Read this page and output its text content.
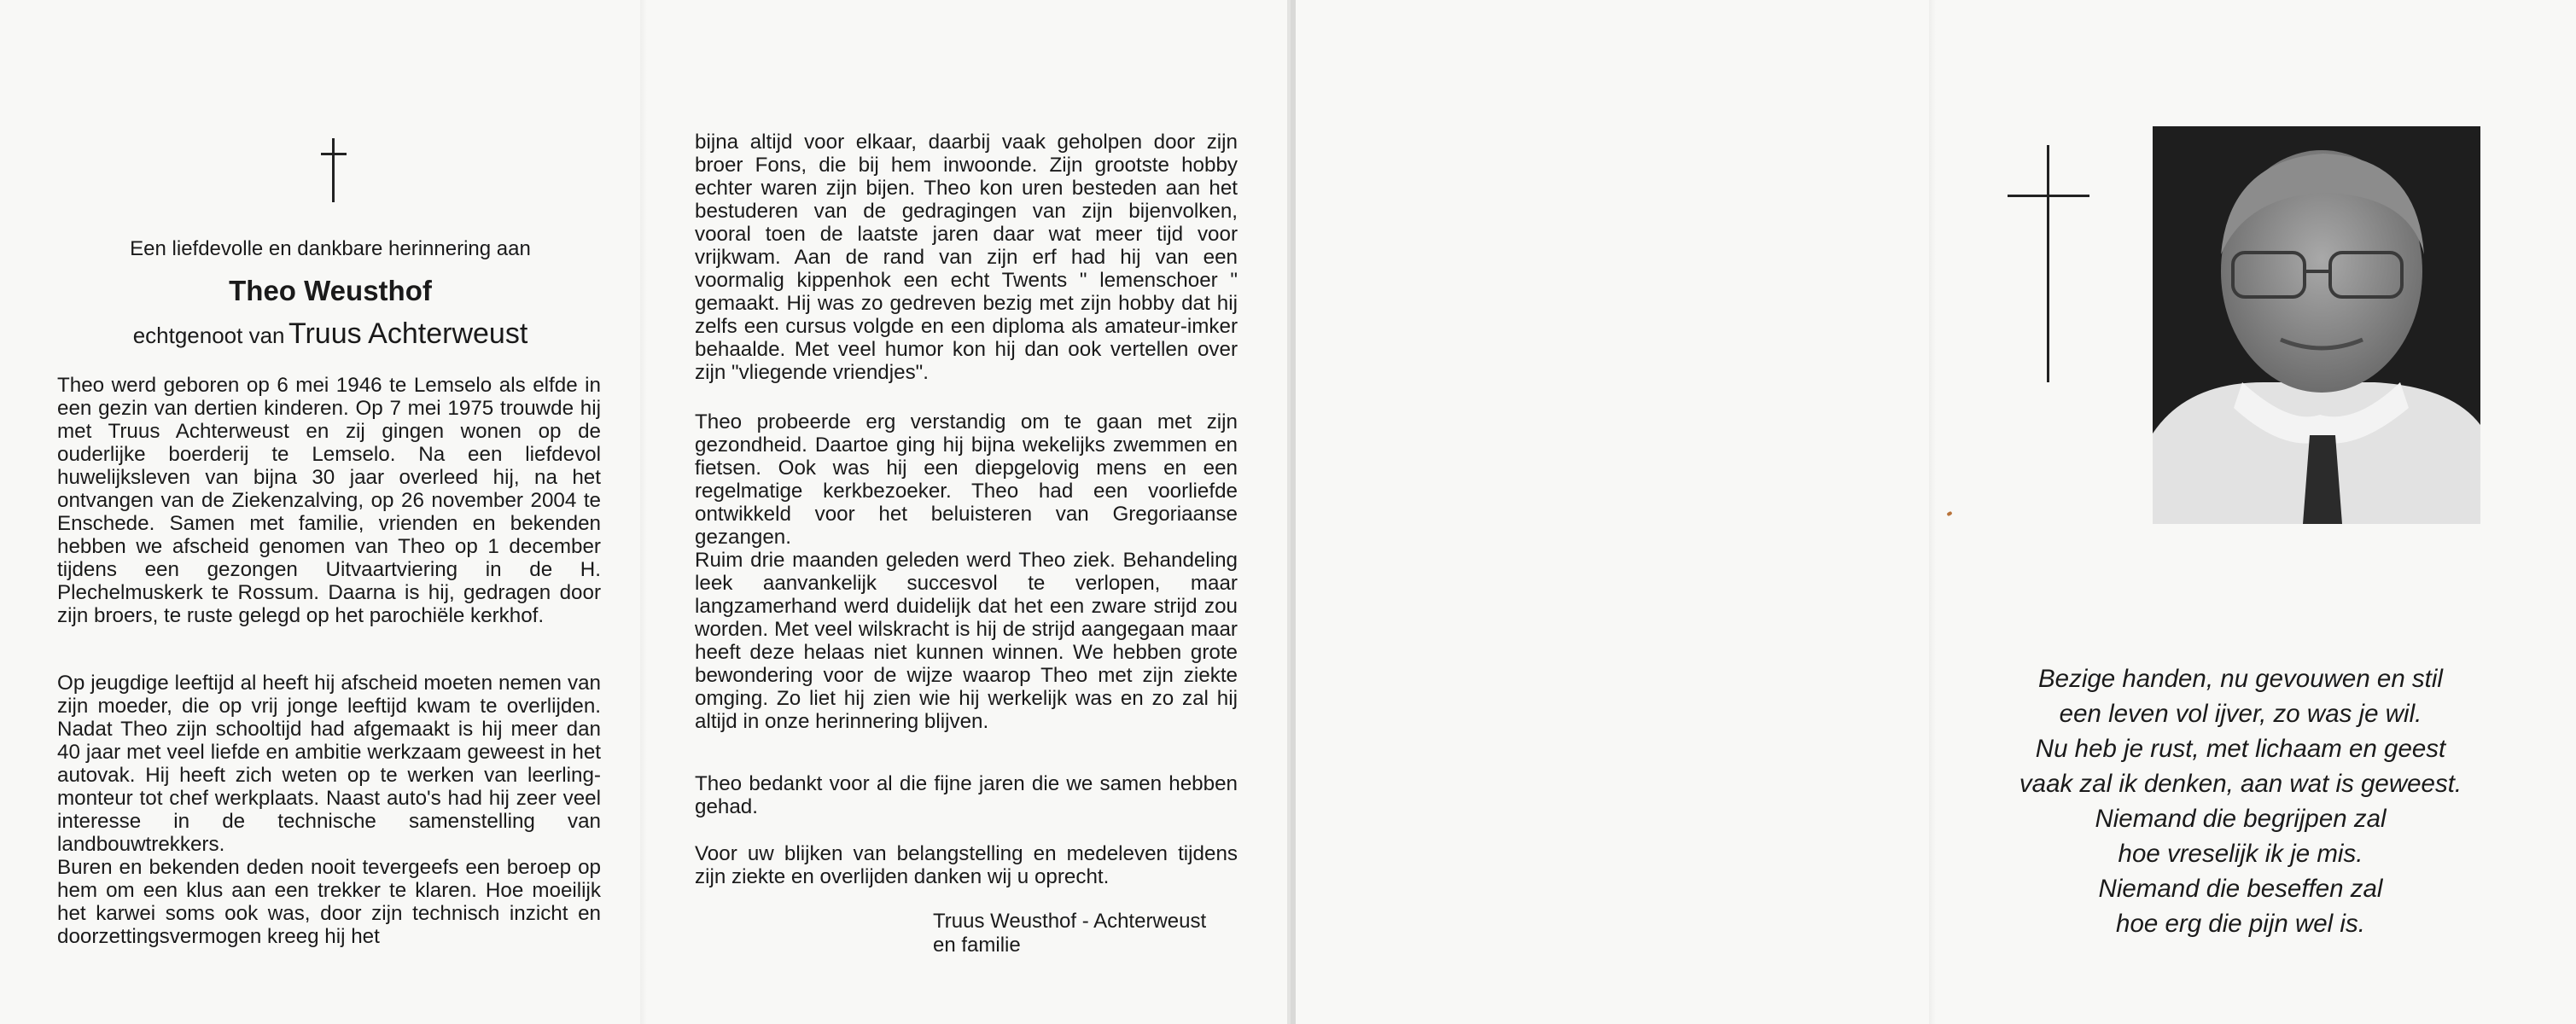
Een liefdevolle en dankbare herinnering aan
Theo Weusthof
echtgenoot van Truus Achterweust
Theo werd geboren op 6 mei 1946 te Lemselo als elfde in een gezin van dertien kinderen. Op 7 mei 1975 trouwde hij met Truus Achterweust en zij gingen wonen op de ouderlijke boerderij te Lemselo. Na een liefdevol huwelijksleven van bijna 30 jaar overleed hij, na het ontvangen van de Ziekenzalving, op 26 november 2004 te Enschede. Samen met familie, vrienden en bekenden hebben we afscheid genomen van Theo op 1 december tijdens een gezongen Uitvaartviering in de H. Plechelmuskerk te Rossum. Daarna is hij, gedragen door zijn broers, te ruste gelegd op het parochiële kerkhof.
Op jeugdige leeftijd al heeft hij afscheid moeten nemen van zijn moeder, die op vrij jonge leeftijd kwam te overlijden. Nadat Theo zijn schooltijd had afgemaakt is hij meer dan 40 jaar met veel liefde en ambitie werkzaam geweest in het autovak. Hij heeft zich weten op te werken van leerling-monteur tot chef werkplaats. Naast auto's had hij zeer veel interesse in de technische samenstelling van landbouwtrekkers.
Buren en bekenden deden nooit tevergeefs een beroep op hem om een klus aan een trekker te klaren. Hoe moeilijk het karwei soms ook was, door zijn technisch inzicht en doorzettingsvermogen kreeg hij het
bijna altijd voor elkaar, daarbij vaak geholpen door zijn broer Fons, die bij hem inwoonde. Zijn grootste hobby echter waren zijn bijen. Theo kon uren besteden aan het bestuderen van de gedragingen van zijn bijenvolken, vooral toen de laatste jaren daar wat meer tijd voor vrijkwam. Aan de rand van zijn erf had hij van een voormalig kippenhok een echt Twents " lemenschoer " gemaakt. Hij was zo gedreven bezig met zijn hobby dat hij zelfs een cursus volgde en een diploma als amateur-imker behaalde. Met veel humor kon hij dan ook vertellen over zijn "vliegende vriendjes".
Theo probeerde erg verstandig om te gaan met zijn gezondheid. Daartoe ging hij bijna wekelijks zwemmen en fietsen. Ook was hij een diepgelovig mens en een regelmatige kerkbezoeker. Theo had een voorliefde ontwikkeld voor het beluisteren van Gregoriaanse gezangen.
Ruim drie maanden geleden werd Theo ziek. Behandeling leek aanvankelijk succesvol te verlopen, maar langzamerhand werd duidelijk dat het een zware strijd zou worden. Met veel wilskracht is hij de strijd aangegaan maar heeft deze helaas niet kunnen winnen. We hebben grote bewondering voor de wijze waarop Theo met zijn ziekte omging. Zo liet hij zien wie hij werkelijk was en zo zal hij altijd in onze herinnering blijven.
Theo bedankt voor al die fijne jaren die we samen hebben gehad.
Voor uw blijken van belangstelling en medeleven tijdens zijn ziekte en overlijden danken wij u oprecht.
Truus Weusthof - Achterweust
en familie
Bezige handen, nu gevouwen en stil
een leven vol ijver, zo was je wil.
Nu heb je rust, met lichaam en geest
vaak zal ik denken, aan wat is geweest.
Niemand die begrijpen zal
hoe vreselijk ik je mis.
Niemand die beseffen zal
hoe erg die pijn wel is.
